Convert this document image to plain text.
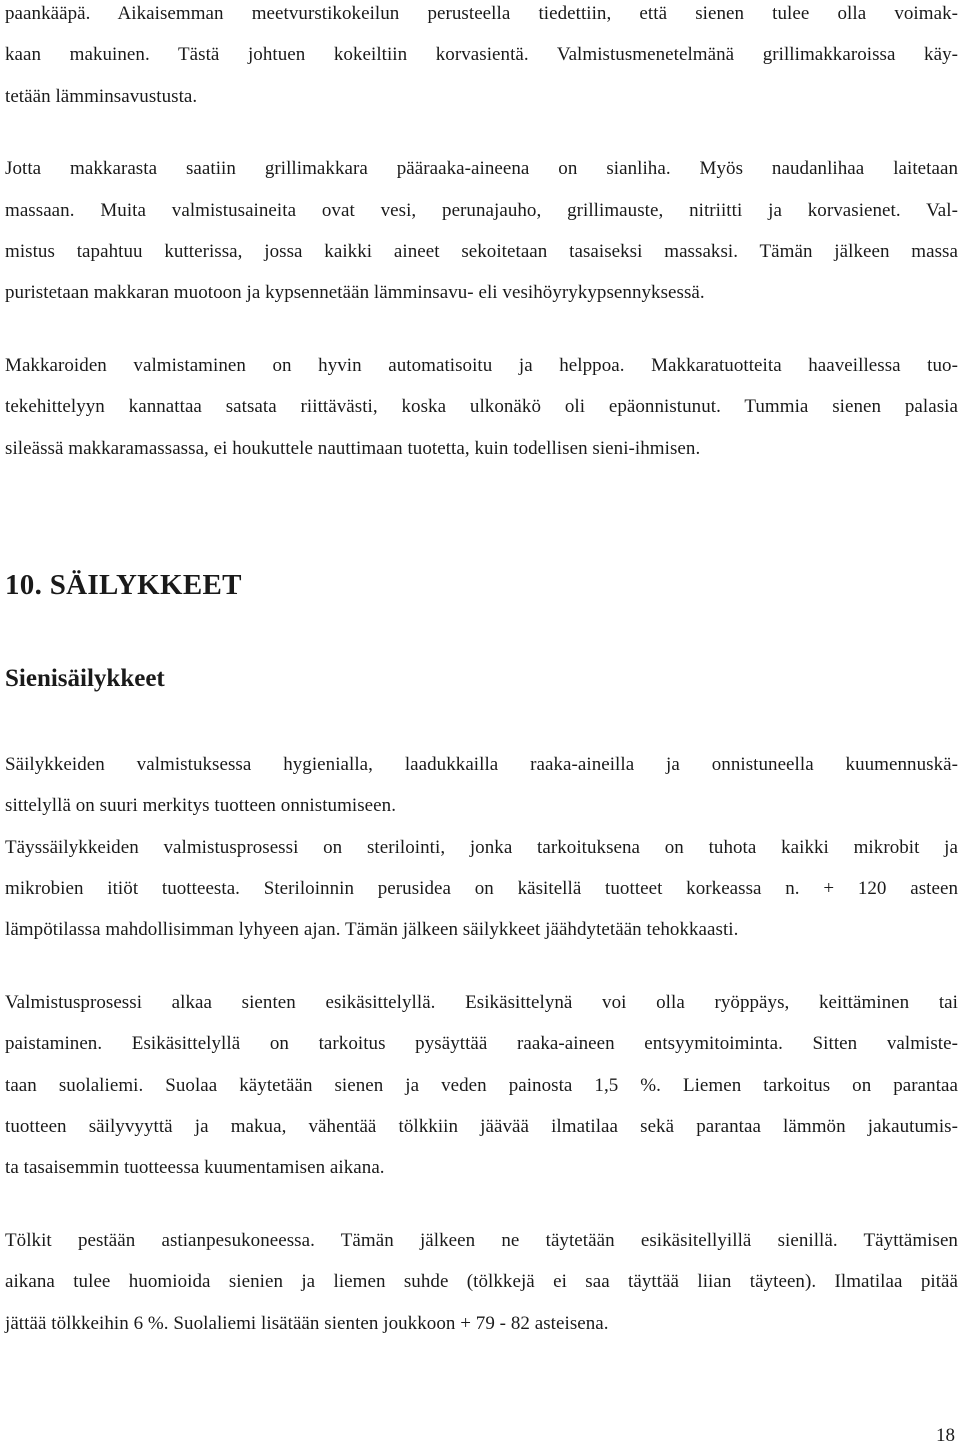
paankääpä. Aikaisemman meetvurstikokeilun perusteella tiedettiin, että sienen tulee olla voimak-
kaan makuinen. Tästä johtuen kokeiltiin korvasientä. Valmistusmenetelmänä grillimakkaroissa käy-
tetään lämminsavustusta.

Jotta makkarasta saatiin grillimakkara pääraaka-aineena on sianliha. Myös naudanlihaa laitetaan
massaan. Muita valmistusaineita ovat vesi, perunajauho, grillimauste, nitriitti ja korvasienet. Val-
mistus tapahtuu kutterissa, jossa kaikki aineet sekoitetaan tasaiseksi massaksi. Tämän jälkeen massa
puristetaan makkaran muotoon ja kypsennetään lämminsavu- eli vesihöyrykypsennyksessä.

Makkaroiden valmistaminen on hyvin automatisoitu ja helppoa. Makkaratuotteita haaveillessa tuo-
tekehittelyyn kannattaa satsata riittävästi, koska ulkonäkö oli epäonnistunut. Tummia sienen palasia
sileässä makkaramassassa, ei houkuttele nauttimaan tuotetta, kuin todellisen sieni-ihmisen.

10. SÄILYKKEET
Sienisäilykkeet

Säilykkeiden valmistuksessa hygienialla, laadukkailla raaka-aineilla ja onnistuneella kuumennuskä-
sittelyllä on suuri merkitys tuotteen onnistumiseen.

Täyssäilykkeiden valmistusprosessi on sterilointi, jonka tarkoituksena on tuhota kaikki mikrobit ja
mikrobien itiöt tuotteesta. Steriloinnin perusidea on käsitellä tuotteet korkeassa n. + 120 asteen
lämpötilassa mahdollisimman lyhyeen ajan. Tämän jälkeen säilykkeet jäähdytetään tehokkaasti.

Valmistusprosessi alkaa sienten esikäsittelyllä. Esikäsittelynä voi olla ryöppäys, keittäminen tai
paistaminen. Esikäsittelyllä on tarkoitus pysäyttää raaka-aineen entsyymitoiminta. Sitten valmiste-
taan suolaliemi. Suolaa käytetään sienen ja veden painosta 1,5 %. Liemen tarkoitus on parantaa
tuotteen säilyvyyttä ja makua, vähentää tölkkiin jäävää ilmatilaa sekä parantaa lämmön jakautumis-
ta tasaisemmin tuotteessa kuumentamisen aikana.

Tölkit pestään astianpesukoneessa. Tämän jälkeen ne täytetään esikäsitellyillä sienillä. Täyttämisen
aikana tulee huomioida sienien ja liemen suhde (tölkkejä ei saa täyttää liian täyteen). Ilmatilaa pitää
jättää tölkkeihin 6 %. Suolaliemi lisätään sienten joukkoon + 79 - 82 asteisena.

18
